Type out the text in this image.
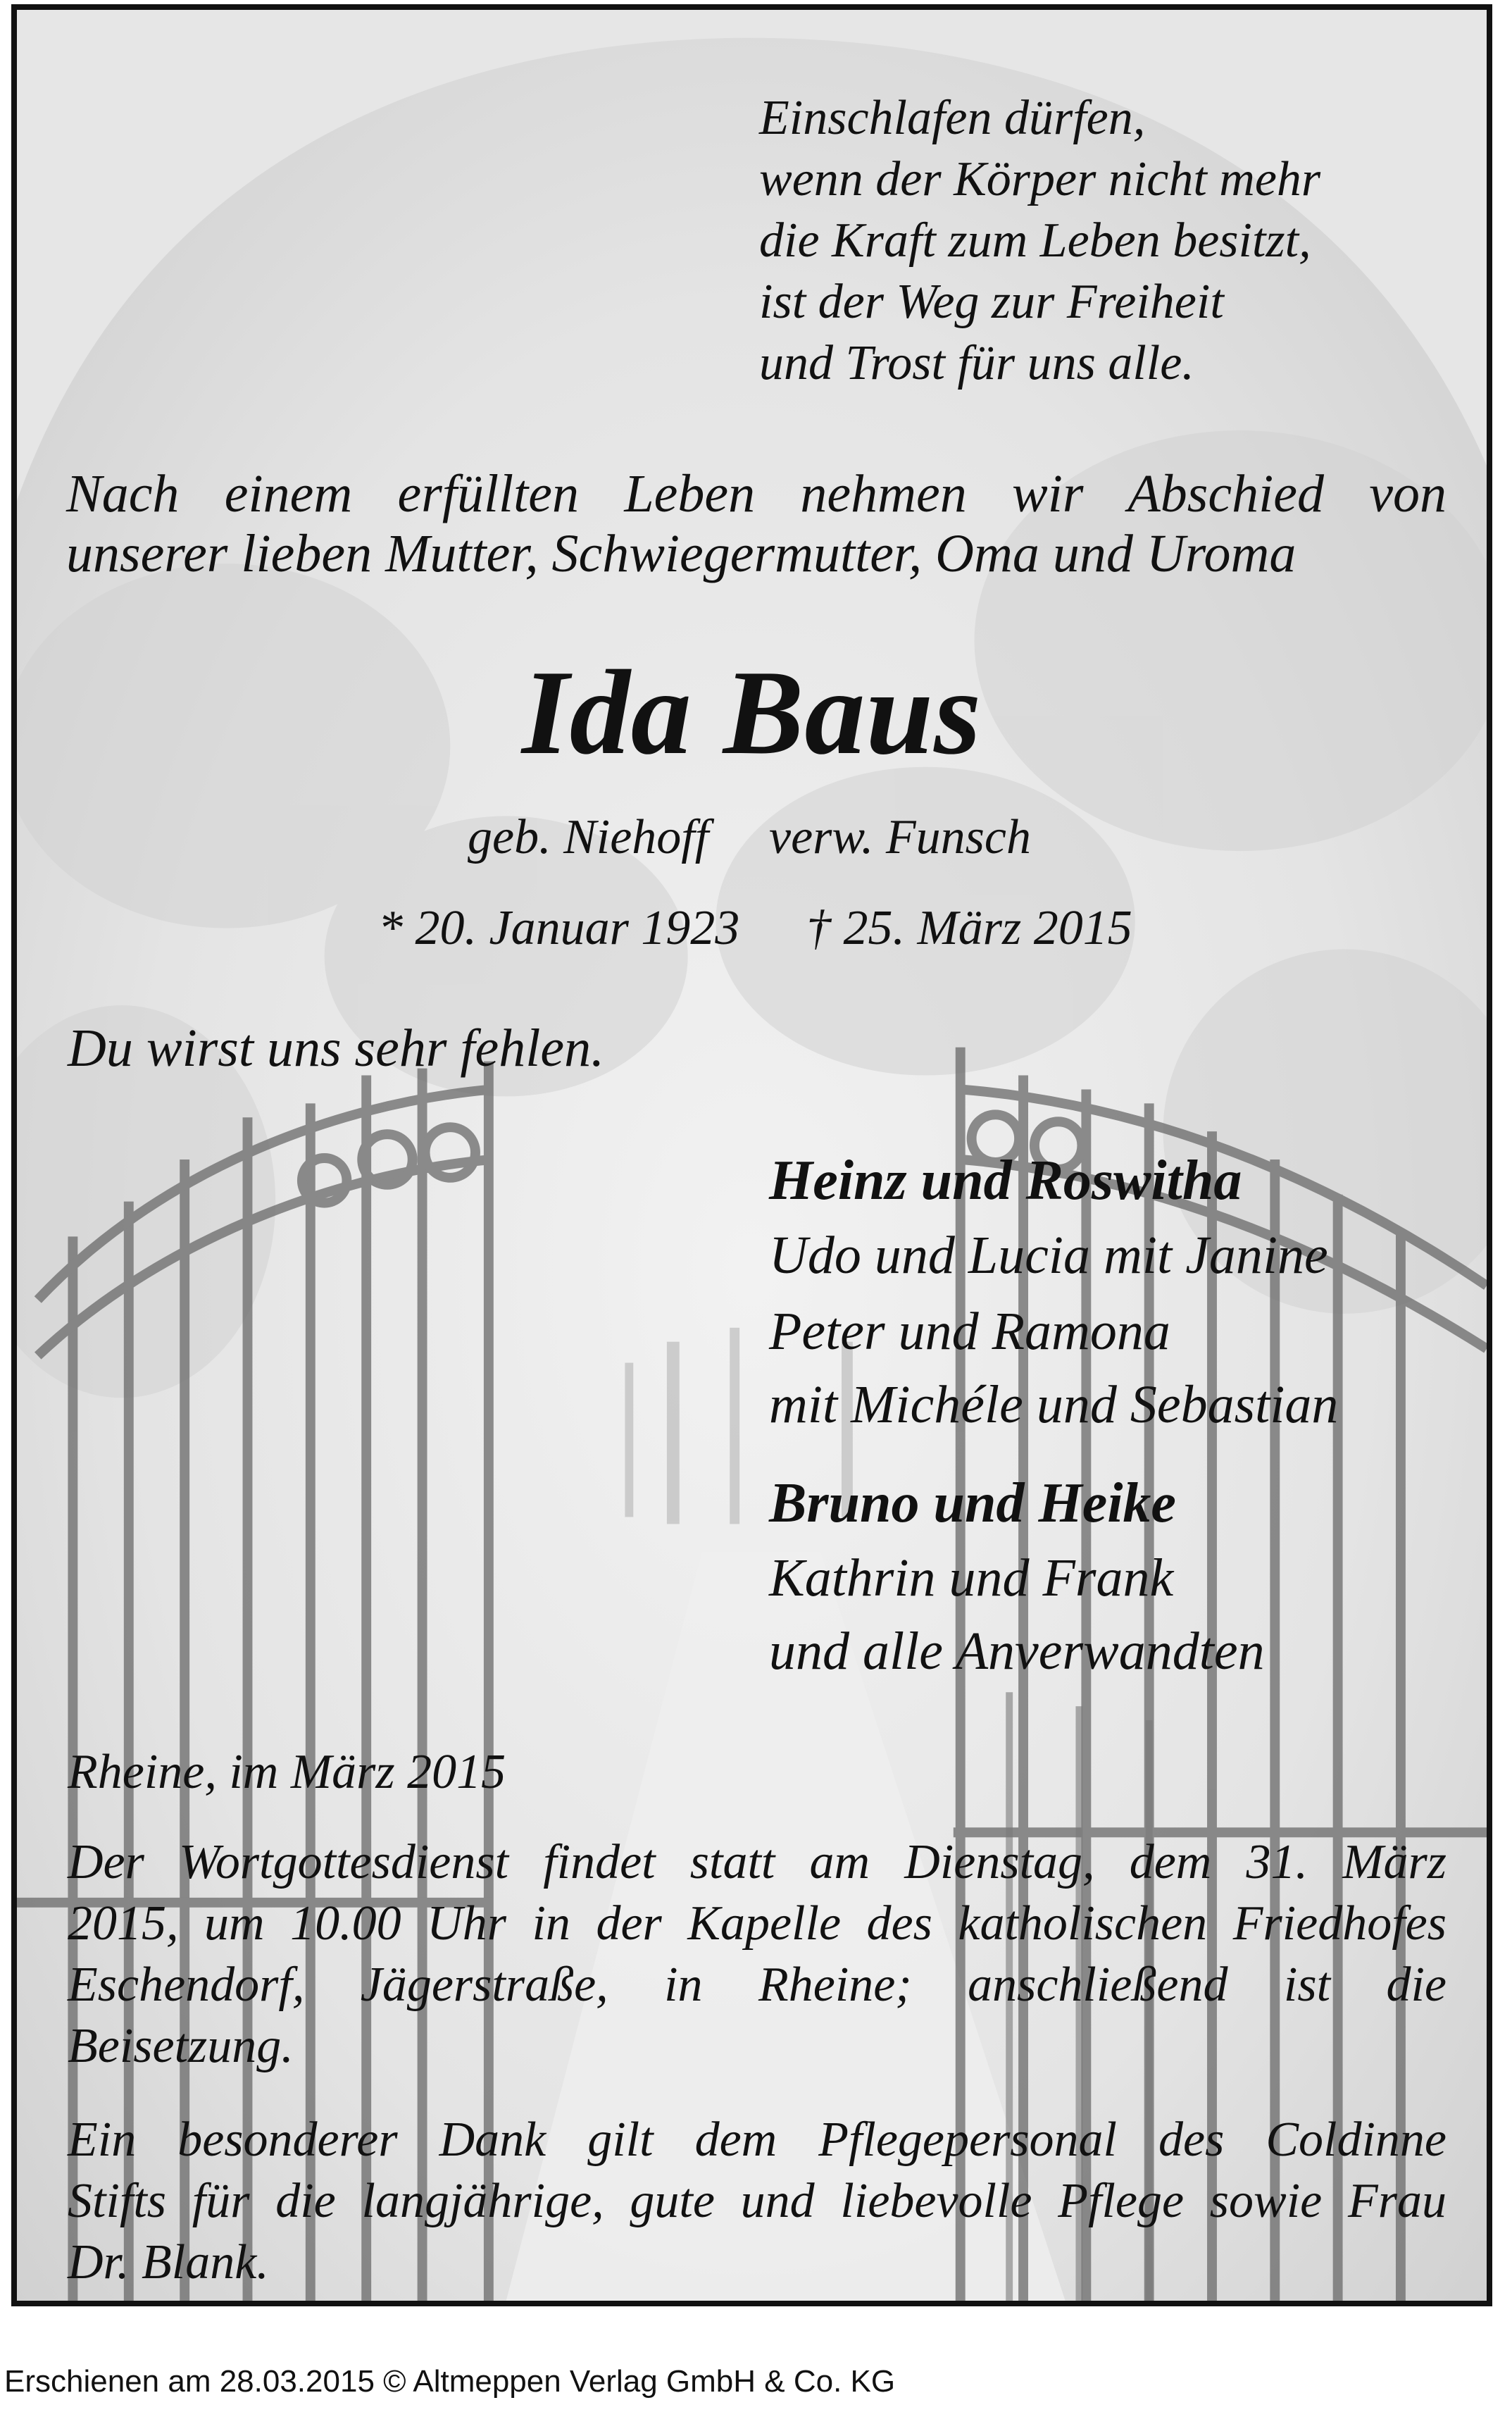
Einschlafen dürfen,
wenn der Körper nicht mehr
die Kraft zum Leben besitzt,
ist der Weg zur Freiheit
und Trost für uns alle.
Nach einem erfüllten Leben nehmen wir Abschied von
unserer lieben Mutter, Schwiegermutter, Oma und Uroma
Ida Baus
geb. Niehoff verw. Funsch
* 20. Januar 1923 † 25. März 2015
Du wirst uns sehr fehlen.
Heinz und Roswitha
Udo und Lucia mit Janine
Peter und Ramona
mit Michéle und Sebastian
Bruno und Heike
Kathrin und Frank
und alle Anverwandten
Rheine, im März 2015
Der Wortgottesdienst findet statt am Dienstag, dem 31. März
2015, um 10.00 Uhr in der Kapelle des katholischen Friedhofes
Eschendorf, Jägerstraße, in Rheine; anschließend ist die
Beisetzung.
Ein besonderer Dank gilt dem Pflegepersonal des Coldinne
Stifts für die langjährige, gute und liebevolle Pflege sowie Frau
Dr. Blank.
Erschienen am 28.03.2015 © Altmeppen Verlag GmbH & Co. KG
